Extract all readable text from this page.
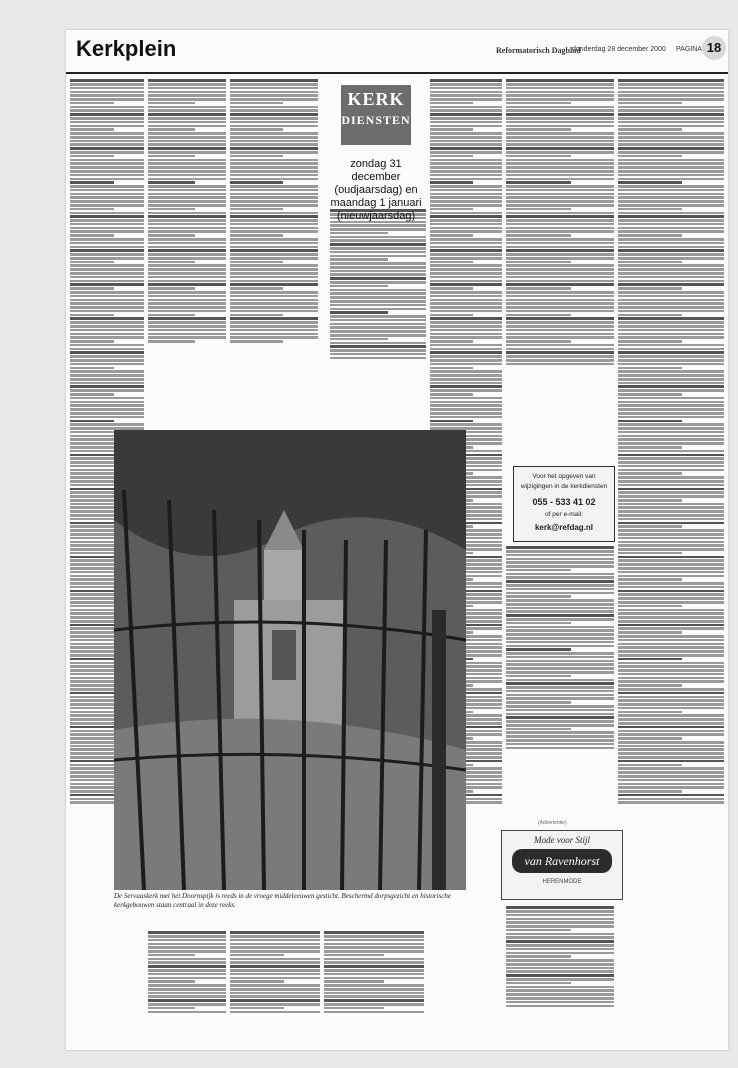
Kerkplein	Reformatorisch Dagblad
donderdag 28 december 2000 PAGINA 18
KERK
DIENSTEN
zondag 31 december (oudjaarsdag) en maandag 1 januari (nieuwjaarsdag)
De Servaaskerk met het Doornspijk is reeds in de vroege middeleeuwen gesticht. Beschermd dorpsgezicht en historische kerkgebouwen staan centraal in deze reeks.
Voor het opgeven van
wijzigingen in de kerkdiensten
055 - 533 41 02
of per e-mail:
kerk@refdag.nl
(Advertentie)
Mode voor Stijl
van Ravenhorst
HERENMODE
